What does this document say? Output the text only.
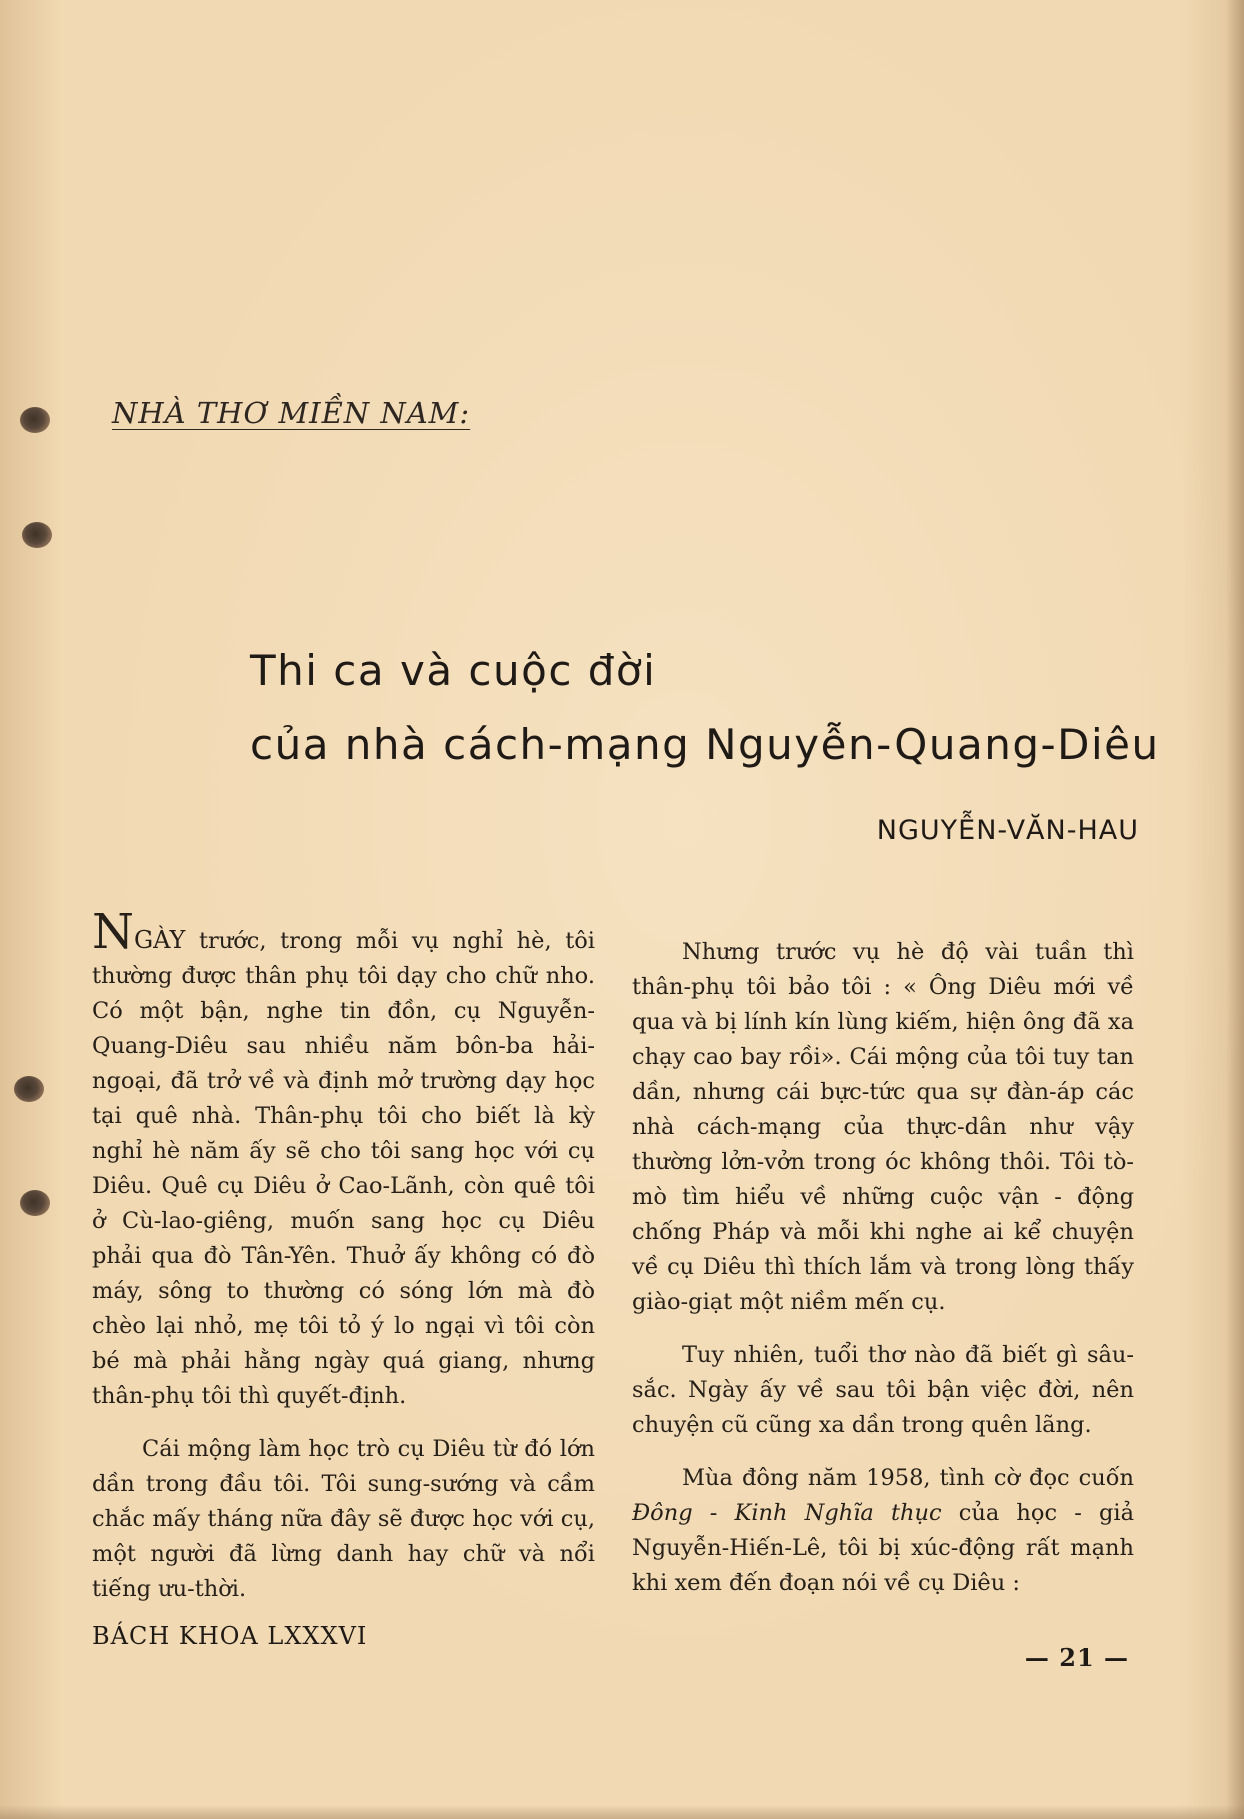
NHÀ THƠ MIỀN NAM:
Thi ca và cuộc đời
của nhà cách-mạng Nguyễn-Quang-Diêu
NGUYỄN-VĂN-HAU

NGÀY trước, trong mỗi vụ nghỉ hè, tôi thường được thân phụ tôi dạy cho chữ nho. Có một bận, nghe tin đồn, cụ Nguyễn-Quang-Diêu sau nhiều năm bôn-ba hải-ngoại, đã trở về và định mở trường dạy học tại quê nhà. Thân-phụ tôi cho biết là kỳ nghỉ hè năm ấy sẽ cho tôi sang học với cụ Diêu. Quê cụ Diêu ở Cao-Lãnh, còn quê tôi ở Cù-lao-giêng, muốn sang học cụ Diêu phải qua đò Tân-Yên. Thuở ấy không có đò máy, sông to thường có sóng lớn mà đò chèo lại nhỏ, mẹ tôi tỏ ý lo ngại vì tôi còn bé mà phải hằng ngày quá giang, nhưng thân-phụ tôi thì quyết-định.

Cái mộng làm học trò cụ Diêu từ đó lớn dần trong đầu tôi. Tôi sung-sướng và cầm chắc mấy tháng nữa đây sẽ được học với cụ, một người đã lừng danh hay chữ và nổi tiếng ưu-thời.

Nhưng trước vụ hè độ vài tuần thì thân-phụ tôi bảo tôi : « Ông Diêu mới về qua và bị lính kín lùng kiếm, hiện ông đã xa chạy cao bay rồi». Cái mộng của tôi tuy tan dần, nhưng cái bực-tức qua sự đàn-áp các nhà cách-mạng của thực-dân như vậy thường lởn-vởn trong óc không thôi. Tôi tò-mò tìm hiểu về những cuộc vận - động chống Pháp và mỗi khi nghe ai kể chuyện về cụ Diêu thì thích lắm và trong lòng thấy giào-giạt một niềm mến cụ.

Tuy nhiên, tuổi thơ nào đã biết gì sâu-sắc. Ngày ấy về sau tôi bận việc đời, nên chuyện cũ cũng xa dần trong quên lãng.

Mùa đông năm 1958, tình cờ đọc cuốn Đông - Kinh Nghĩa thục của học - giả Nguyễn-Hiến-Lê, tôi bị xúc-động rất mạnh khi xem đến đoạn nói về cụ Diêu :

BÁCH KHOA LXXXVI
— 21 —
